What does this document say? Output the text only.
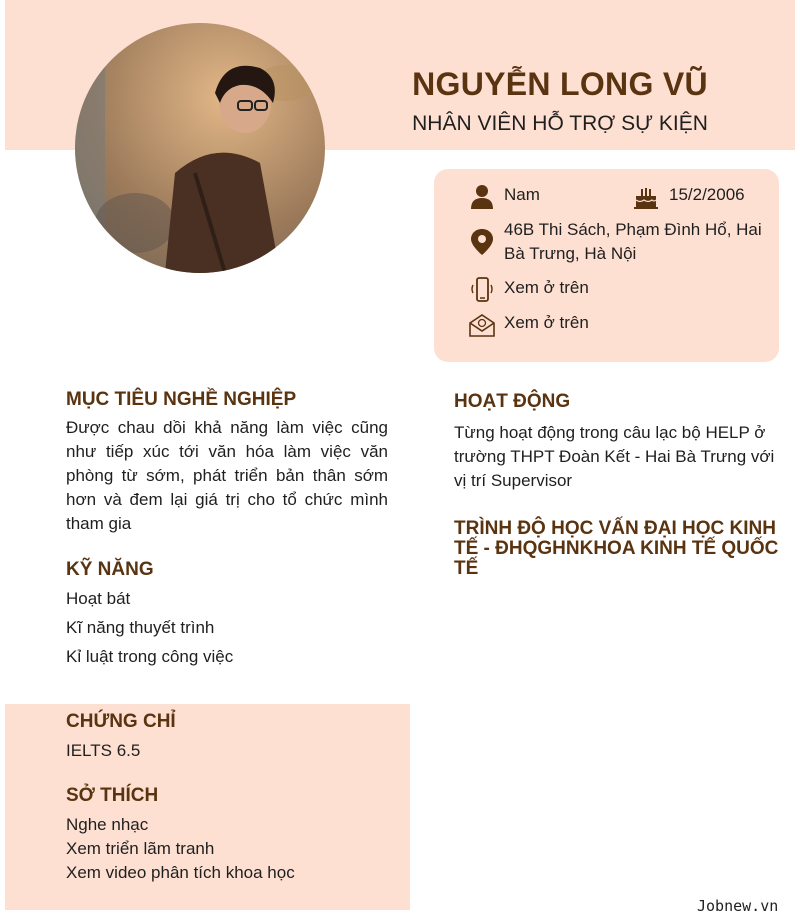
NGUYỄN LONG VŨ
NHÂN VIÊN HỖ TRỢ SỰ KIỆN
Nam	15/2/2006
46B Thi Sách, Phạm Đình Hổ, Hai Bà Trưng, Hà Nội
Xem ở trên
Xem ở trên
MỤC TIÊU NGHỀ NGHIỆP
Được chau dồi khả năng làm việc cũng như tiếp xúc tới văn hóa làm việc văn phòng từ sớm, phát triển bản thân sớm hơn và đem lại giá trị cho tổ chức mình tham gia
KỸ NĂNG
Hoạt bát
Kĩ năng thuyết trình
Kỉ luật trong công việc
CHỨNG CHỈ
IELTS 6.5
SỞ THÍCH
Nghe nhạc
Xem triển lãm tranh
Xem video phân tích khoa học
HOẠT ĐỘNG
Từng hoạt động trong câu lạc bộ HELP ở trường THPT Đoàn Kết - Hai Bà Trưng với vị trí Supervisor
TRÌNH ĐỘ HỌC VẤN ĐẠI HỌC KINH TẾ - ĐHQGHNKHOA KINH TẾ QUỐC TẾ
Jobnew.vn
